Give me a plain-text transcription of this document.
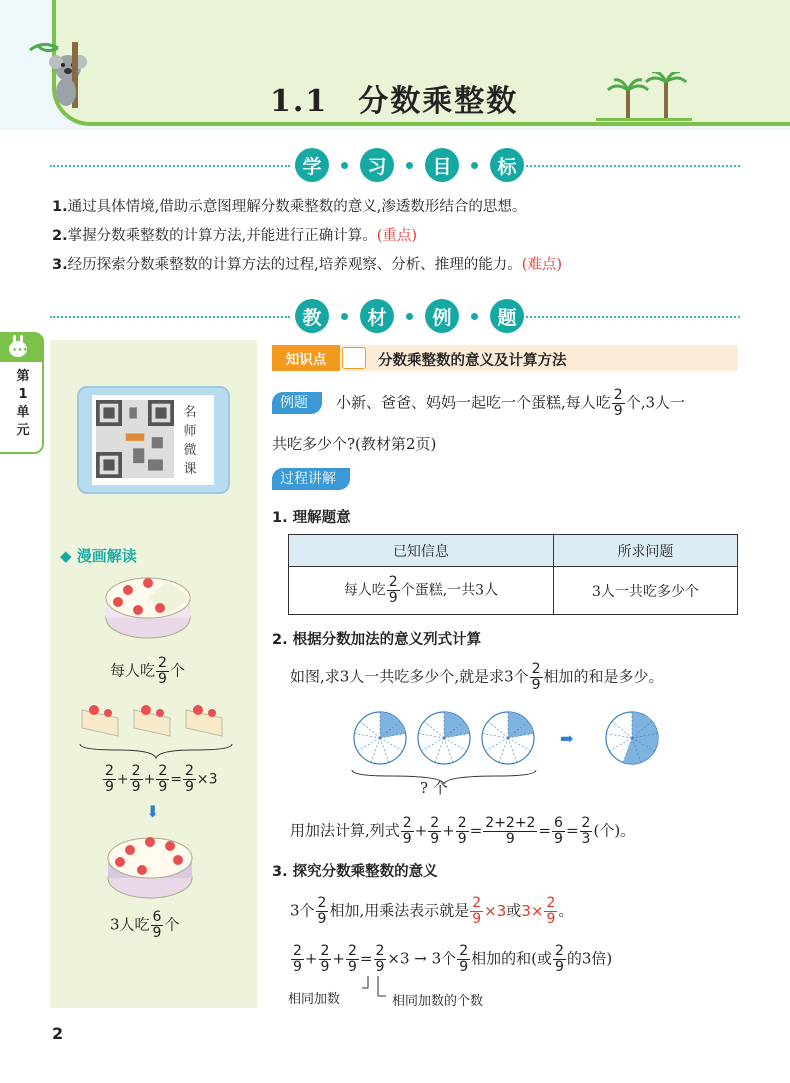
1.1 分数乘整数
学	习	目	标
1.通过具体情境,借助示意图理解分数乘整数的意义,渗透数形结合的思想。
2.掌握分数乘整数的计算方法,并能进行正确计算。(重点)
3.经历探索分数乘整数的计算方法的过程,培养观察、分析、推理的能力。(难点)
教	材	例	题
•••
第
1
单
元
名
师
微
课
◆ 漫画解读
每人吃 $\frac{2}{9}$ 个
$\frac{2}{9} + \frac{2}{9} + \frac{2}{9} = \frac{2}{9} \times 3$
⬇
3人吃 $\frac{6}{9}$ 个
知识点	分数乘整数的意义及计算方法
例题	小新、爸爸、妈妈一起吃一个蛋糕,每人吃 $\frac{2}{9}$ 个,3人一
共吃多少个?(教材第2页)
过程讲解
1. 理解题意
已知信息	所求问题
每人吃 $\frac{2}{9}$ 个蛋糕,一共3人	3人一共吃多少个
2. 根据分数加法的意义列式计算
如图,求3人一共吃多少个,就是求3个 $\frac{2}{9}$ 相加的和是多少。
➡
? 个
用加法计算,列式 $\frac{2}{9} + \frac{2}{9} + \frac{2}{9} = \frac{2+2+2}{9} = \frac{6}{9} = \frac{2}{3}$ (个)。
3. 探究分数乘整数的意义
3个 $\frac{2}{9}$ 相加,用乘法表示就是 $\frac{2}{9} \times 3$或$3\times \frac{2}{9}$ 。
$\frac{2}{9} + \frac{2}{9} + \frac{2}{9} = \frac{2}{9} \times 3 \to 3$个 $\frac{2}{9}$ 相加的和(或 $\frac{2}{9}$ 的3倍)
相同加数	相同加数的个数
2
